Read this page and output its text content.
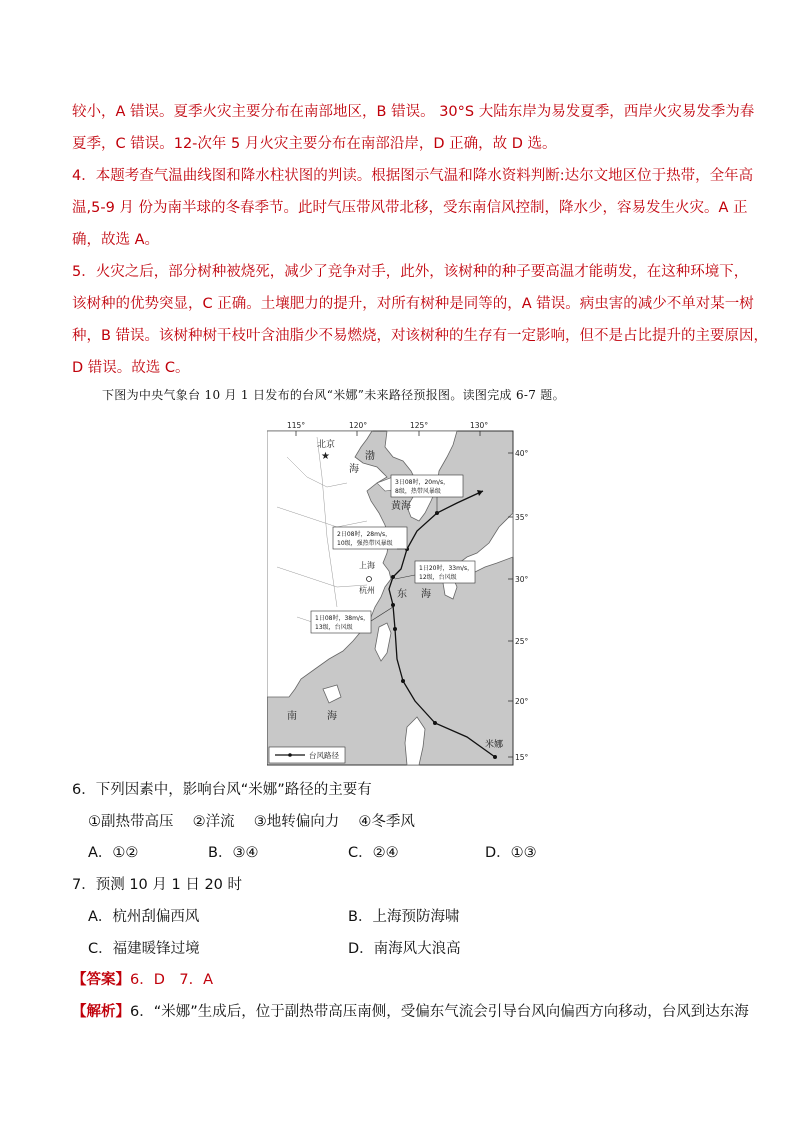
较小，A 错误。夏季火灾主要分布在南部地区，B 错误。 30°S 大陆东岸为易发夏季，西岸火灾易发季为春
夏季，C 错误。12-次年 5 月火灾主要分布在南部沿岸，D 正确，故 D 选。
4．本题考查气温曲线图和降水柱状图的判读。根据图示气温和降水资料判断:达尔文地区位于热带，全年高
温,5-9 月 份为南半球的冬春季节。此时气压带风带北移，受东南信风控制，降水少，容易发生火灾。A 正
确，故选 A。
5．火灾之后，部分树种被烧死，减少了竞争对手，此外，该树种的种子要高温才能萌发，在这种环境下，
该树种的优势突显，C 正确。土壤肥力的提升，对所有树种是同等的，A 错误。病虫害的减少不单对某一树
种，B 错误。该树种树干枝叶含油脂少不易燃烧，对该树种的生存有一定影响，但不是占比提升的主要原因，
D 错误。故选 C。
下图为中央气象台 10 月 1 日发布的台风“米娜”未来路径预报图。读图完成 6-7 题。
115°	120°	125°	130°
40°
35°
30°
25°
20°
15°
北京
★	渤
海
黄 海
东 海
南	海
上海
杭州
3日08时，20m/s，
8级，热带风暴级
2日08时，28m/s，
10级，强热带风暴级
1日20时，33m/s，
12级，台风级
1日08时，38m/s，
13级，台风级
米娜
台风路径
6．下列因素中，影响台风“米娜”路径的主要有
①副热带高压　 ②洋流　 ③地转偏向力　 ④冬季风
A．①②	B．③④	C．②④	D．①③
7．预测 10 月 1 日 20 时
A．杭州刮偏西风	B．上海预防海啸
C．福建暖锋过境	D．南海风大浪高
【答案】6．D　7．A
【解析】6．“米娜”生成后，位于副热带高压南侧，受偏东气流会引导台风向偏西方向移动，台风到达东海
